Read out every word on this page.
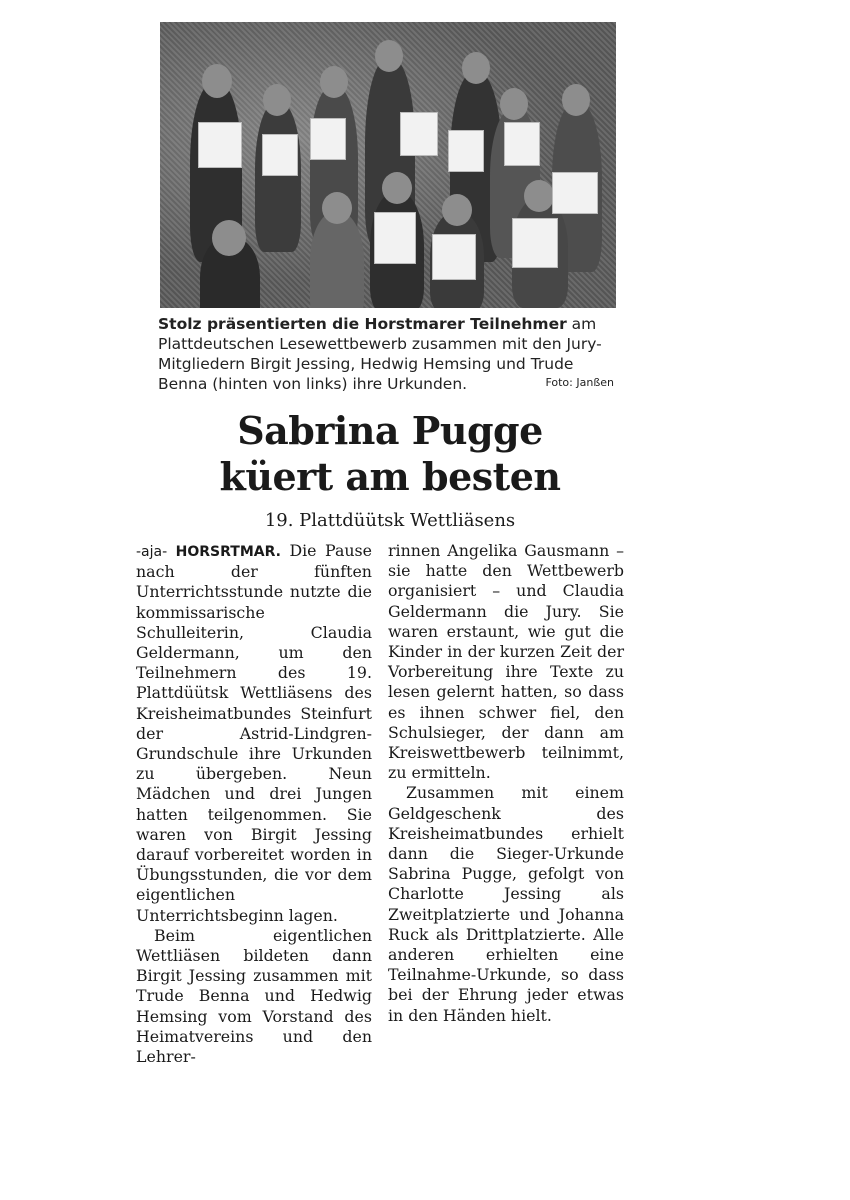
Stolz präsentierten die Horstmarer Teilnehmer am Plattdeutschen Lesewettbewerb zusammen mit den Jury-Mitgliedern Birgit Jessing, Hedwig Hemsing und Trude Benna (hinten von links) ihre Urkunden.	Foto: Janßen
Sabrina Pugge
küert am besten
19. Plattdüütsk Wettliäsens

-aja- HORSRTMAR. Die Pause nach der fünften Unterrichtsstunde nutzte die kommissarische Schulleiterin, Claudia Geldermann, um den Teilnehmern des 19. Plattdüütsk Wettliäsens des Kreisheimatbundes Steinfurt der Astrid-Lindgren-Grundschule ihre Urkunden zu übergeben. Neun Mädchen und drei Jungen hatten teilgenommen. Sie waren von Birgit Jessing darauf vorbereitet worden in Übungsstunden, die vor dem eigentlichen Unterrichtsbeginn lagen.

Beim eigentlichen Wettliäsen bildeten dann Birgit Jessing zusammen mit Trude Benna und Hedwig Hemsing vom Vorstand des Heimatvereins und den Lehrer-

rinnen Angelika Gausmann – sie hatte den Wettbewerb organisiert – und Claudia Geldermann die Jury. Sie waren erstaunt, wie gut die Kinder in der kurzen Zeit der Vorbereitung ihre Texte zu lesen gelernt hatten, so dass es ihnen schwer fiel, den Schulsieger, der dann am Kreiswettbewerb teilnimmt, zu ermitteln.

Zusammen mit einem Geldgeschenk des Kreisheimatbundes erhielt dann die Sieger-Urkunde Sabrina Pugge, gefolgt von Charlotte Jessing als Zweitplatzierte und Johanna Ruck als Drittplatzierte. Alle anderen erhielten eine Teilnahme-Urkunde, so dass bei der Ehrung jeder etwas in den Händen hielt.
